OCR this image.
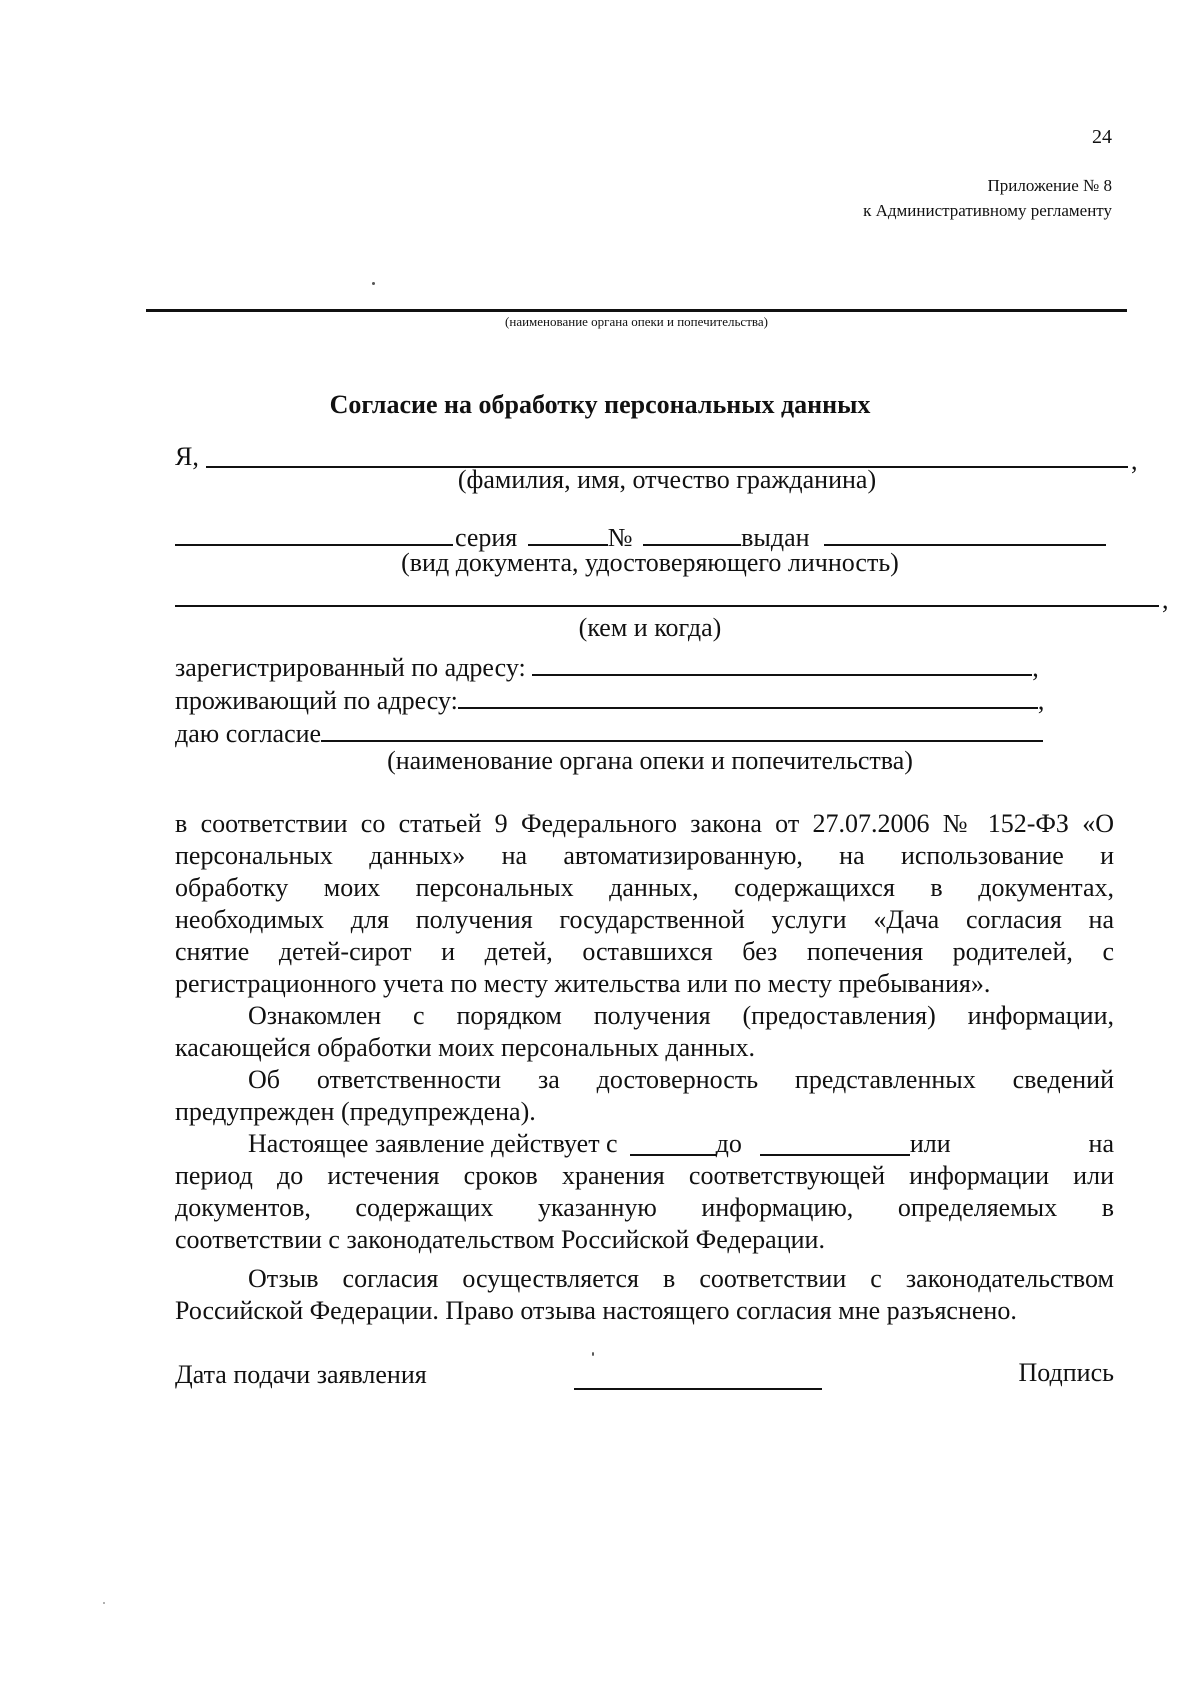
24
Приложение № 8
к Административному регламенту
(наименование органа опеки и попечительства)
Согласие на обработку персональных данных
Я,	,
(фамилия, имя, отчество гражданина)
серия	№	выдан
(вид документа, удостоверяющего личность)
,
(кем и когда)
зарегистрированный по адресу:	,
проживающий по адресу:	,
даю согласие
(наименование органа опеки и попечительства)
в соответствии со статьей 9 Федерального закона от 27.07.2006 № 152-ФЗ «О
персональных данных» на автоматизированную, на использование и
обработку моих персональных данных, содержащихся в документах,
необходимых для получения государственной услуги «Дача согласия на
снятие детей-сирот и детей, оставшихся без попечения родителей, с
регистрационного учета по месту жительства или по месту пребывания».
Ознакомлен с порядком получения (предоставления) информации,
касающейся обработки моих персональных данных.
Об ответственности за достоверность представленных сведений
предупрежден (предупреждена).
Настоящее заявление действует с	до	или на
период до истечения сроков хранения соответствующей информации или
документов, содержащих указанную информацию, определяемых в
соответствии с законодательством Российской Федерации.
Отзыв согласия осуществляется в соответствии с законодательством
Российской Федерации. Право отзыва настоящего согласия мне разъяснено.
Дата подачи заявления	Подпись
